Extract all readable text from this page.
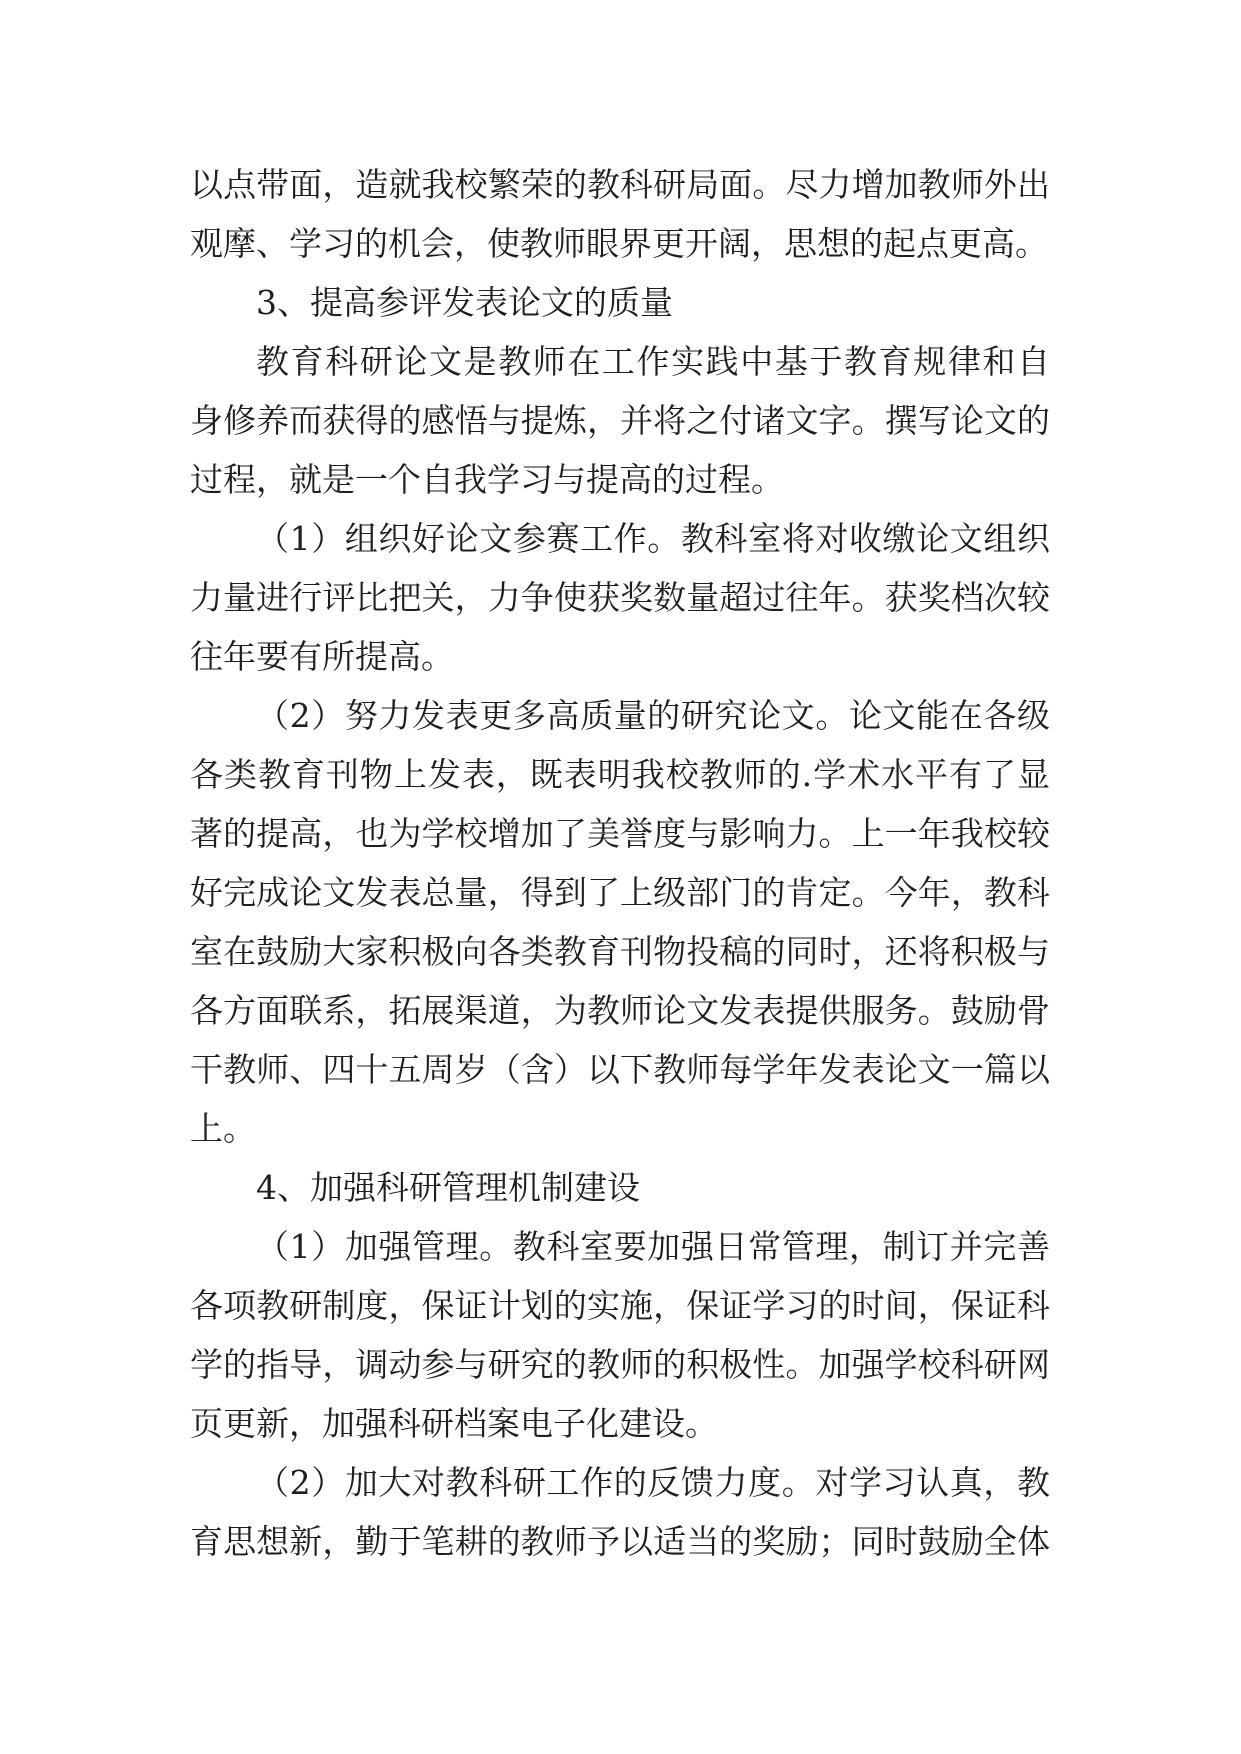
以点带面，造就我校繁荣的教科研局面。尽力增加教师外出
观摩、学习的机会，使教师眼界更开阔，思想的起点更高。
3、提高参评发表论文的质量
教育科研论文是教师在工作实践中基于教育规律和自
身修养而获得的感悟与提炼，并将之付诸文字。撰写论文的
过程，就是一个自我学习与提高的过程。
（1）组织好论文参赛工作。教科室将对收缴论文组织
力量进行评比把关，力争使获奖数量超过往年。获奖档次较
往年要有所提高。
（2）努力发表更多高质量的研究论文。论文能在各级
各类教育刊物上发表，既表明我校教师的.学术水平有了显
著的提高，也为学校增加了美誉度与影响力。上一年我校较
好完成论文发表总量，得到了上级部门的肯定。今年，教科
室在鼓励大家积极向各类教育刊物投稿的同时，还将积极与
各方面联系，拓展渠道，为教师论文发表提供服务。鼓励骨
干教师、四十五周岁（含）以下教师每学年发表论文一篇以
上。
4、加强科研管理机制建设
（1）加强管理。教科室要加强日常管理，制订并完善
各项教研制度，保证计划的实施，保证学习的时间，保证科
学的指导，调动参与研究的教师的积极性。加强学校科研网
页更新，加强科研档案电子化建设。
（2）加大对教科研工作的反馈力度。对学习认真，教
育思想新，勤于笔耕的教师予以适当的奖励；同时鼓励全体
